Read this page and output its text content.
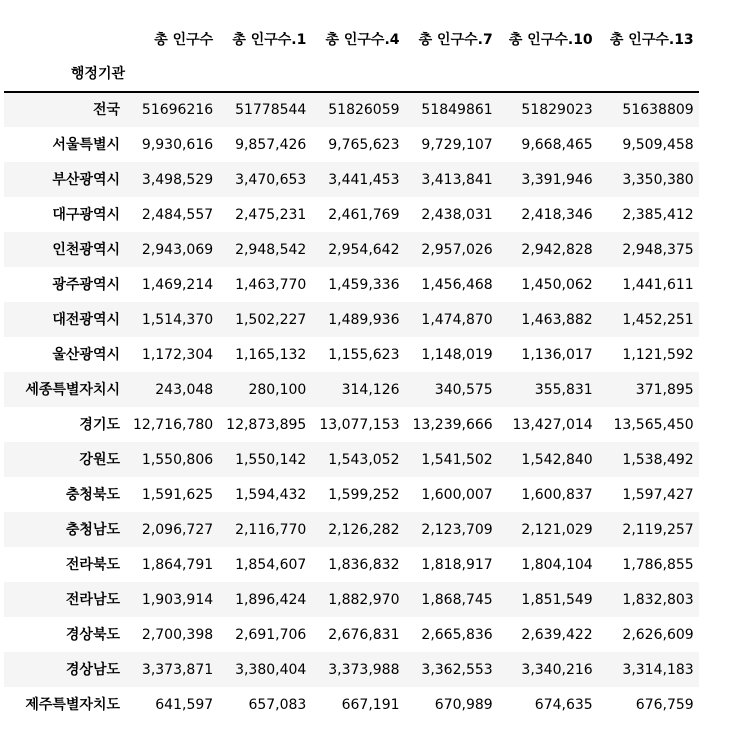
	총 인구수	총 인구수.1	총 인구수.4	총 인구수.7	총 인구수.10	총 인구수.13
행정기관						
전국	51696216	51778544	51826059	51849861	51829023	51638809
서울특별시	9,930,616	9,857,426	9,765,623	9,729,107	9,668,465	9,509,458
부산광역시	3,498,529	3,470,653	3,441,453	3,413,841	3,391,946	3,350,380
대구광역시	2,484,557	2,475,231	2,461,769	2,438,031	2,418,346	2,385,412
인천광역시	2,943,069	2,948,542	2,954,642	2,957,026	2,942,828	2,948,375
광주광역시	1,469,214	1,463,770	1,459,336	1,456,468	1,450,062	1,441,611
대전광역시	1,514,370	1,502,227	1,489,936	1,474,870	1,463,882	1,452,251
울산광역시	1,172,304	1,165,132	1,155,623	1,148,019	1,136,017	1,121,592
세종특별자치시	243,048	280,100	314,126	340,575	355,831	371,895
경기도	12,716,780	12,873,895	13,077,153	13,239,666	13,427,014	13,565,450
강원도	1,550,806	1,550,142	1,543,052	1,541,502	1,542,840	1,538,492
충청북도	1,591,625	1,594,432	1,599,252	1,600,007	1,600,837	1,597,427
충청남도	2,096,727	2,116,770	2,126,282	2,123,709	2,121,029	2,119,257
전라북도	1,864,791	1,854,607	1,836,832	1,818,917	1,804,104	1,786,855
전라남도	1,903,914	1,896,424	1,882,970	1,868,745	1,851,549	1,832,803
경상북도	2,700,398	2,691,706	2,676,831	2,665,836	2,639,422	2,626,609
경상남도	3,373,871	3,380,404	3,373,988	3,362,553	3,340,216	3,314,183
제주특별자치도	641,597	657,083	667,191	670,989	674,635	676,759
